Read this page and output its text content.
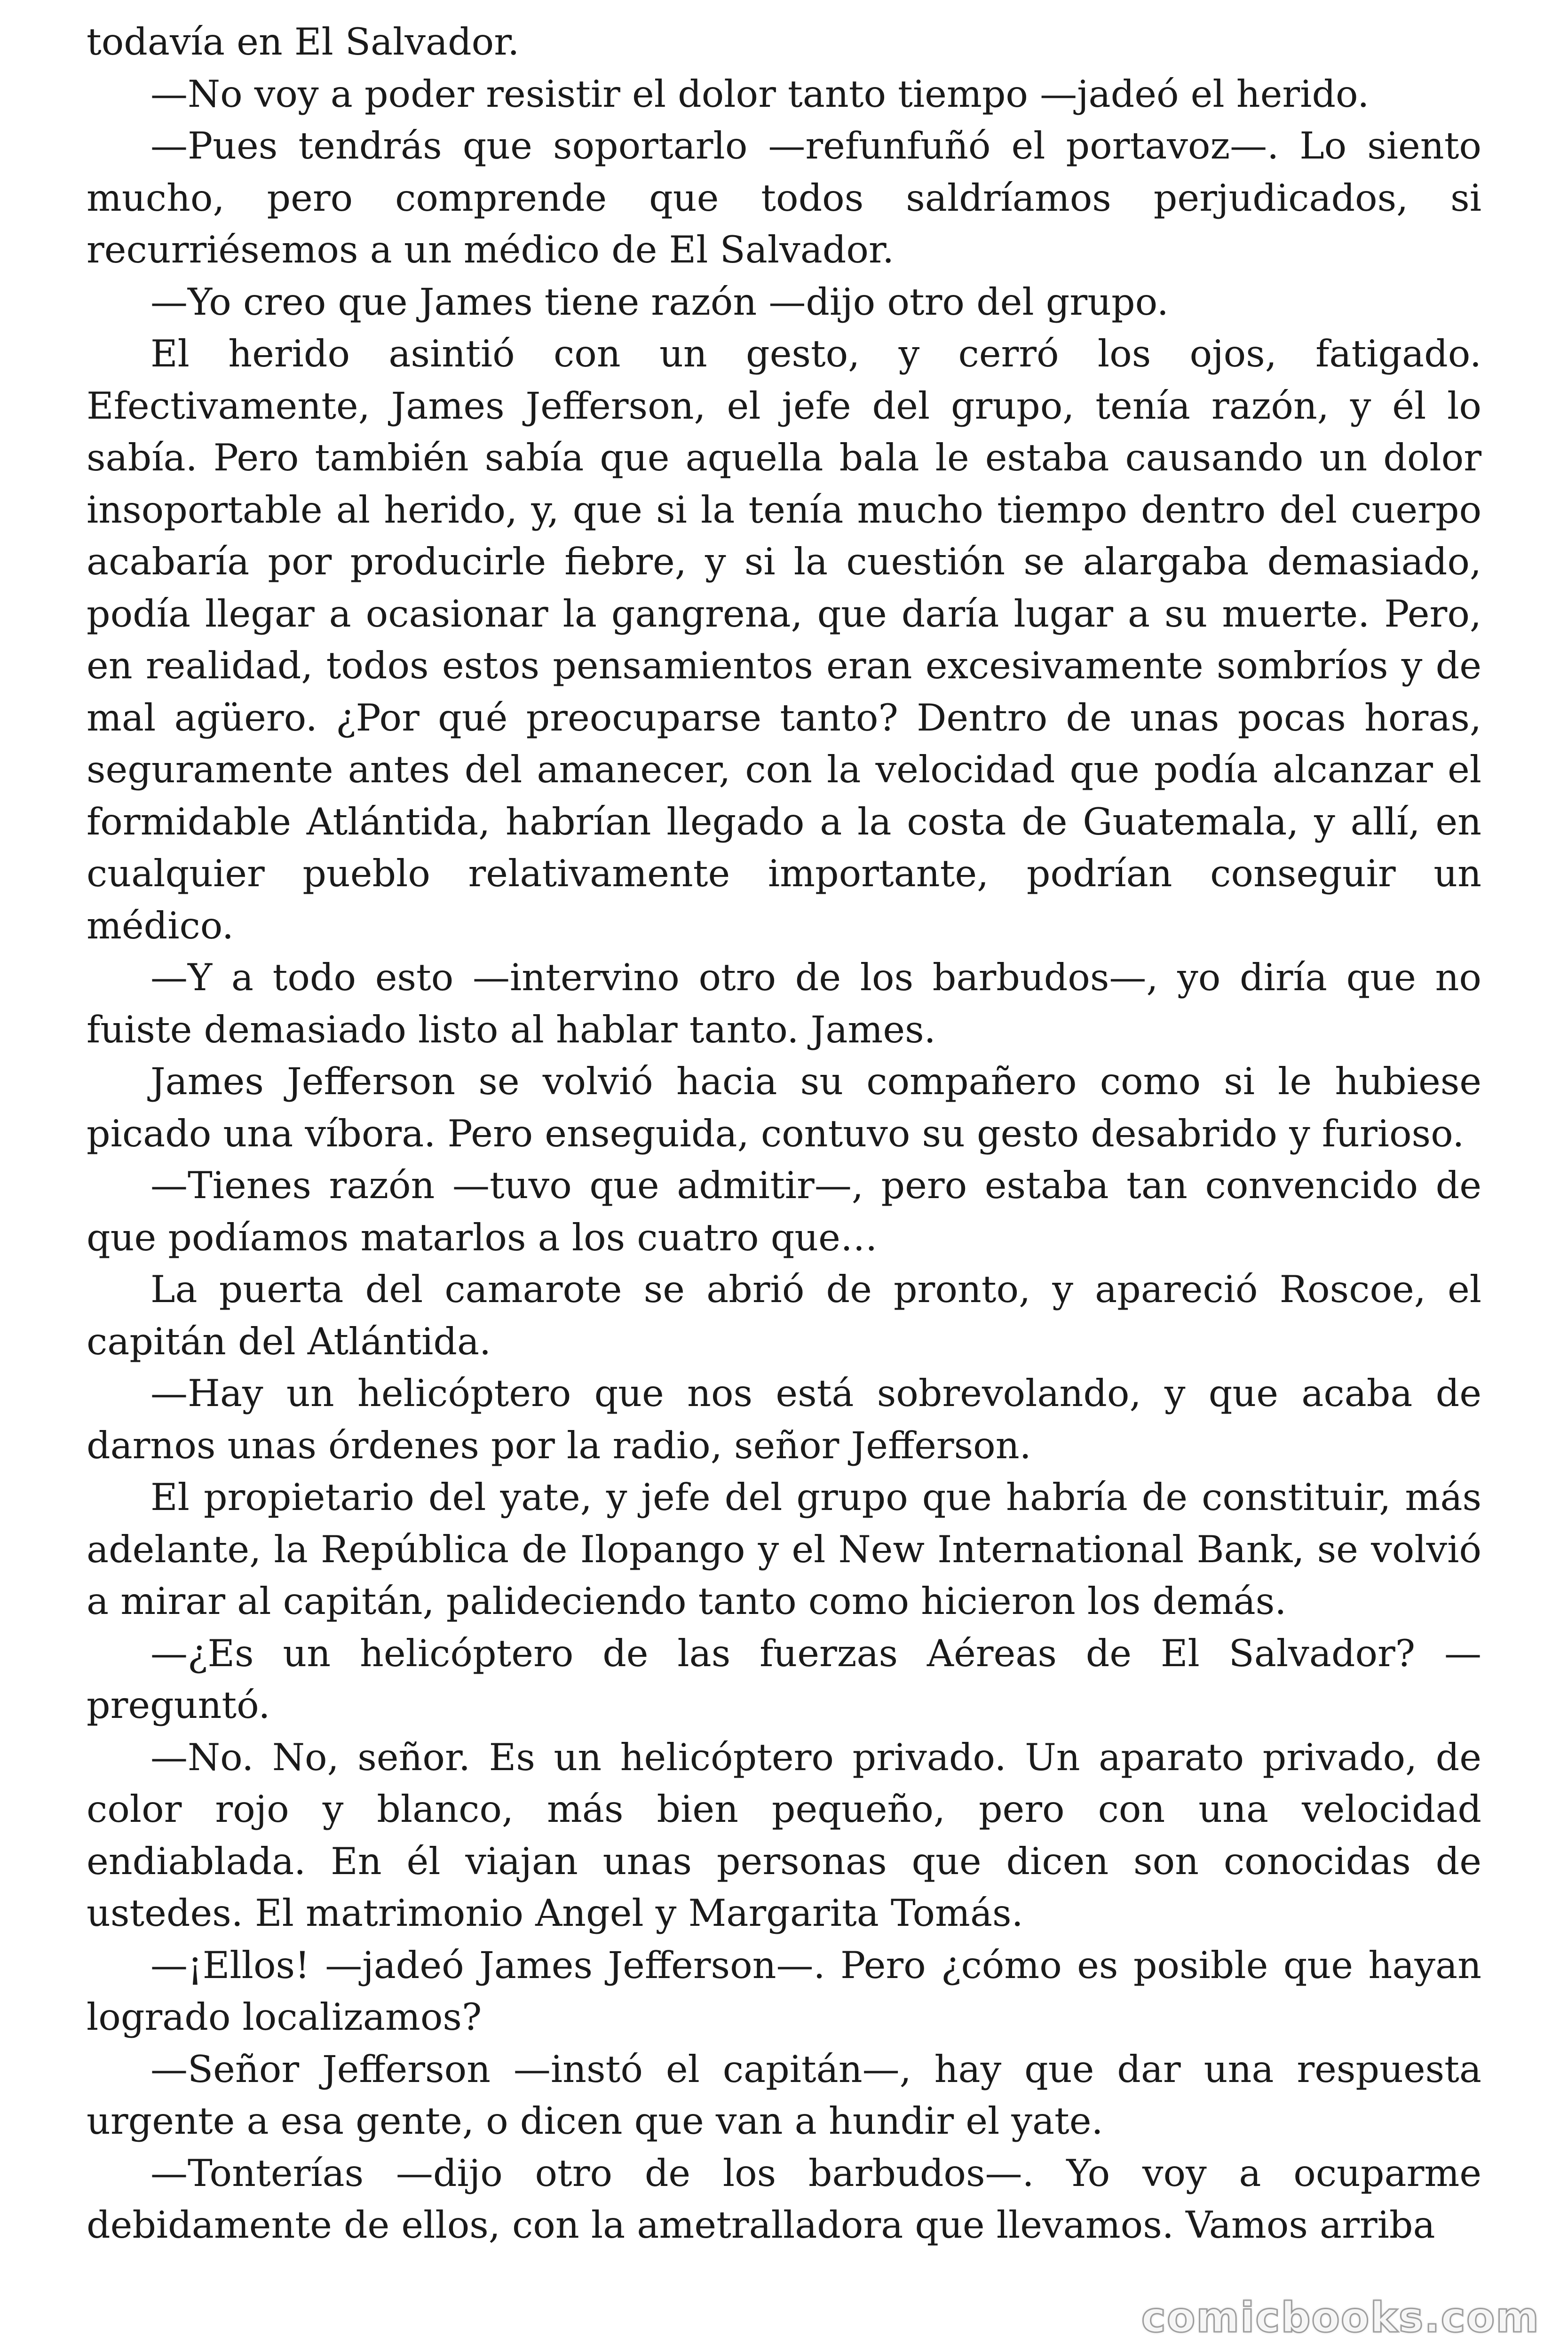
todavía en El Salvador.

—No voy a poder resistir el dolor tanto tiempo —jadeó el herido.

—Pues tendrás que soportarlo —refunfuñó el portavoz—. Lo siento mucho, pero comprende que todos saldríamos perjudicados, si recurriésemos a un médico de El Salvador.

—Yo creo que James tiene razón —dijo otro del grupo.

El herido asintió con un gesto, y cerró los ojos, fatigado. Efectivamente, James Jefferson, el jefe del grupo, tenía razón, y él lo sabía. Pero también sabía que aquella bala le estaba causando un dolor insoportable al herido, y, que si la tenía mucho tiempo dentro del cuerpo acabaría por producirle fiebre, y si la cuestión se alargaba demasiado, podía llegar a ocasionar la gangrena, que daría lugar a su muerte. Pero, en realidad, todos estos pensamientos eran excesivamente sombríos y de mal agüero. ¿Por qué preocuparse tanto? Dentro de unas pocas horas, seguramente antes del amanecer, con la velocidad que podía alcanzar el formidable Atlántida, habrían llegado a la costa de Guatemala, y allí, en cualquier pueblo relativamente importante, podrían conseguir un médico.

—Y a todo esto —intervino otro de los barbudos—, yo diría que no fuiste demasiado listo al hablar tanto. James.

James Jefferson se volvió hacia su compañero como si le hubiese picado una víbora. Pero enseguida, contuvo su gesto desabrido y furioso.

—Tienes razón —tuvo que admitir—, pero estaba tan convencido de que podíamos matarlos a los cuatro que…

La puerta del camarote se abrió de pronto, y apareció Roscoe, el capitán del Atlántida.

—Hay un helicóptero que nos está sobrevolando, y que acaba de darnos unas órdenes por la radio, señor Jefferson.

El propietario del yate, y jefe del grupo que habría de constituir, más adelante, la República de Ilopango y el New International Bank, se volvió a mirar al capitán, palideciendo tanto como hicieron los demás.

—¿Es un helicóptero de las fuerzas Aéreas de El Salvador? —preguntó.

—No. No, señor. Es un helicóptero privado. Un aparato privado, de color rojo y blanco, más bien pequeño, pero con una velocidad endiablada. En él viajan unas personas que dicen son conocidas de ustedes. El matrimonio Angel y Margarita Tomás.

—¡Ellos! —jadeó James Jefferson—. Pero ¿cómo es posible que hayan logrado localizamos?

—Señor Jefferson —instó el capitán—, hay que dar una respuesta urgente a esa gente, o dicen que van a hundir el yate.

—Tonterías —dijo otro de los barbudos—. Yo voy a ocuparme debidamente de ellos, con la ametralladora que llevamos. Vamos arriba

comicbooks.com
